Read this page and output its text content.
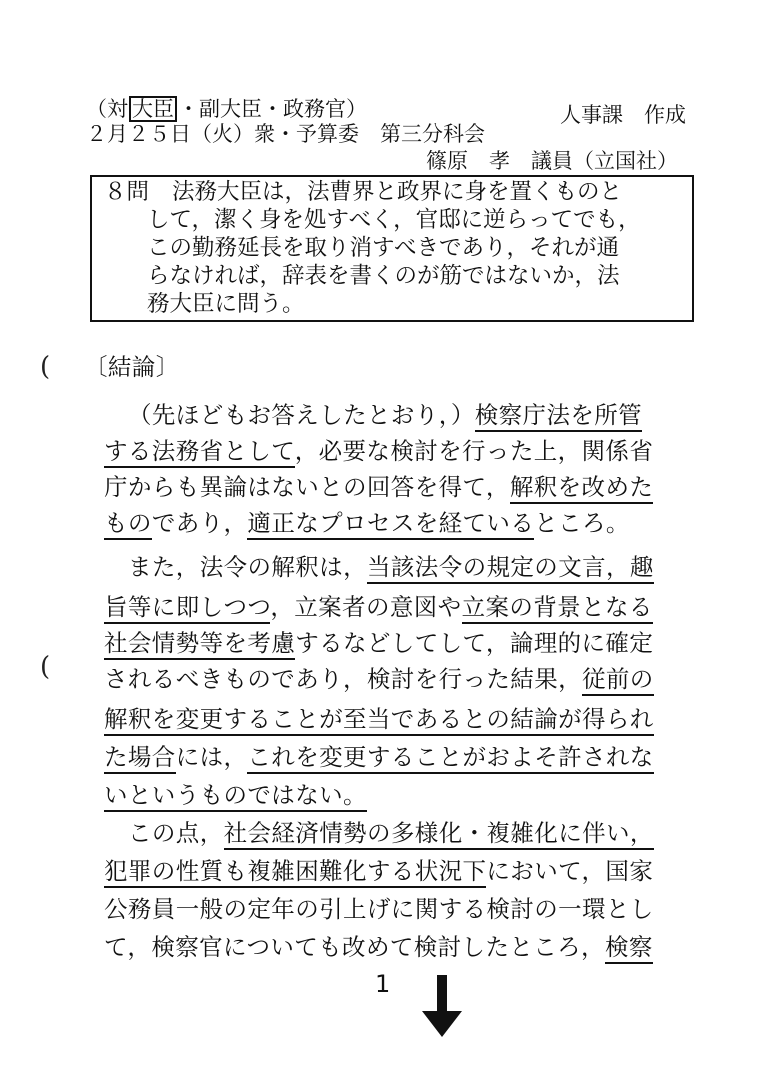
（対 大臣 ・副大臣・政務官）	人事課　作成
２月２５日（火）衆・予算委　第三分科会
篠原　孝　議員（立国社）
８問 法務大臣は，法曹界と政界に身を置くものと
して，潔く身を処すべく，官邸に逆らってでも，
この勤務延長を取り消すべきであり，それが通
らなければ，辞表を書くのが筋ではないか，法
務大臣に問う。
(
(
〔結論〕
（先ほどもお答えしたとおり，）検察庁法を所管
する法務省として，必要な検討を行った上，関係省
庁からも異論はないとの回答を得て，解釈を改めた
ものであり，適正なプロセスを経ているところ。
また，法令の解釈は，当該法令の規定の文言，趣
旨等に即しつつ，立案者の意図や立案の背景となる
社会情勢等を考慮するなどしてして，論理的に確定
されるべきものであり，検討を行った結果，従前の
解釈を変更することが至当であるとの結論が得られ
た場合には，これを変更することがおよそ許されな
いというものではない。
この点，社会経済情勢の多様化・複雑化に伴い，
犯罪の性質も複雑困難化する状況下において，国家
公務員一般の定年の引上げに関する検討の一環とし
て，検察官についても改めて検討したところ，検察
1
